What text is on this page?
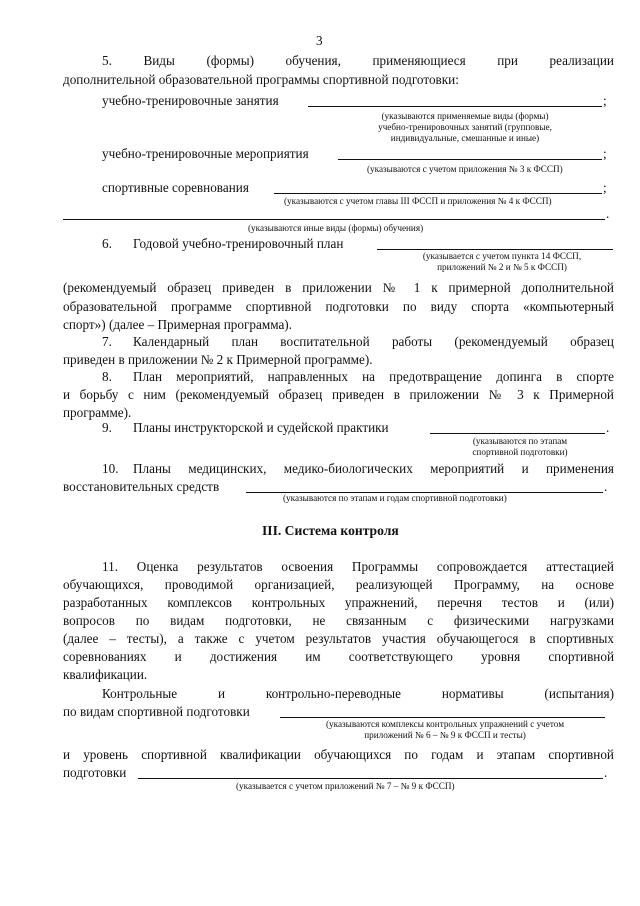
3
5. Виды (формы) обучения, применяющиеся при реализации
дополнительной образовательной программы спортивной подготовки:
учебно-тренировочные занятия	;
(указываются применяемые виды (формы)
учебно-тренировочных занятий (групповые,
индивидуальные, смешанные и иные)
учебно-тренировочные мероприятия	;
(указываются с учетом приложения № 3 к ФССП)
спортивные соревнования	;
(указываются с учетом главы III ФССП и приложения № 4 к ФССП)
.
(указываются иные виды (формы) обучения)
6. Годовой учебно-тренировочный план
(указывается с учетом пункта 14 ФССП,
приложений № 2 и № 5 к ФССП)
(рекомендуемый образец приведен в приложении № 1 к примерной дополнительной
образовательной программе спортивной подготовки по виду спорта «компьютерный
спорт») (далее – Примерная программа).
7. Календарный план воспитательной работы (рекомендуемый образец
приведен в приложении № 2 к Примерной программе).
8. План мероприятий, направленных на предотвращение допинга в спорте
и борьбу с ним (рекомендуемый образец приведен в приложении № 3 к Примерной
программе).
9. Планы инструкторской и судейской практики	.
(указываются по этапам
спортивной подготовки)
10. Планы медицинских, медико-биологических мероприятий и применения
восстановительных средств	.
(указываются по этапам и годам спортивной подготовки)
III. Система контроля
11. Оценка результатов освоения Программы сопровождается аттестацией
обучающихся, проводимой организацией, реализующей Программу, на основе
разработанных комплексов контрольных упражнений, перечня тестов и (или)
вопросов по видам подготовки, не связанным с физическими нагрузками
(далее – тесты), а также с учетом результатов участия обучающегося в спортивных
соревнованиях и достижения им соответствующего уровня спортивной
квалификации.
Контрольные и контрольно-переводные нормативы (испытания)
по видам спортивной подготовки
(указываются комплексы контрольных упражнений с учетом
приложений № 6 – № 9 к ФССП и тесты)
и уровень спортивной квалификации обучающихся по годам и этапам спортивной
подготовки	.
(указывается с учетом приложений № 7 – № 9 к ФССП)
